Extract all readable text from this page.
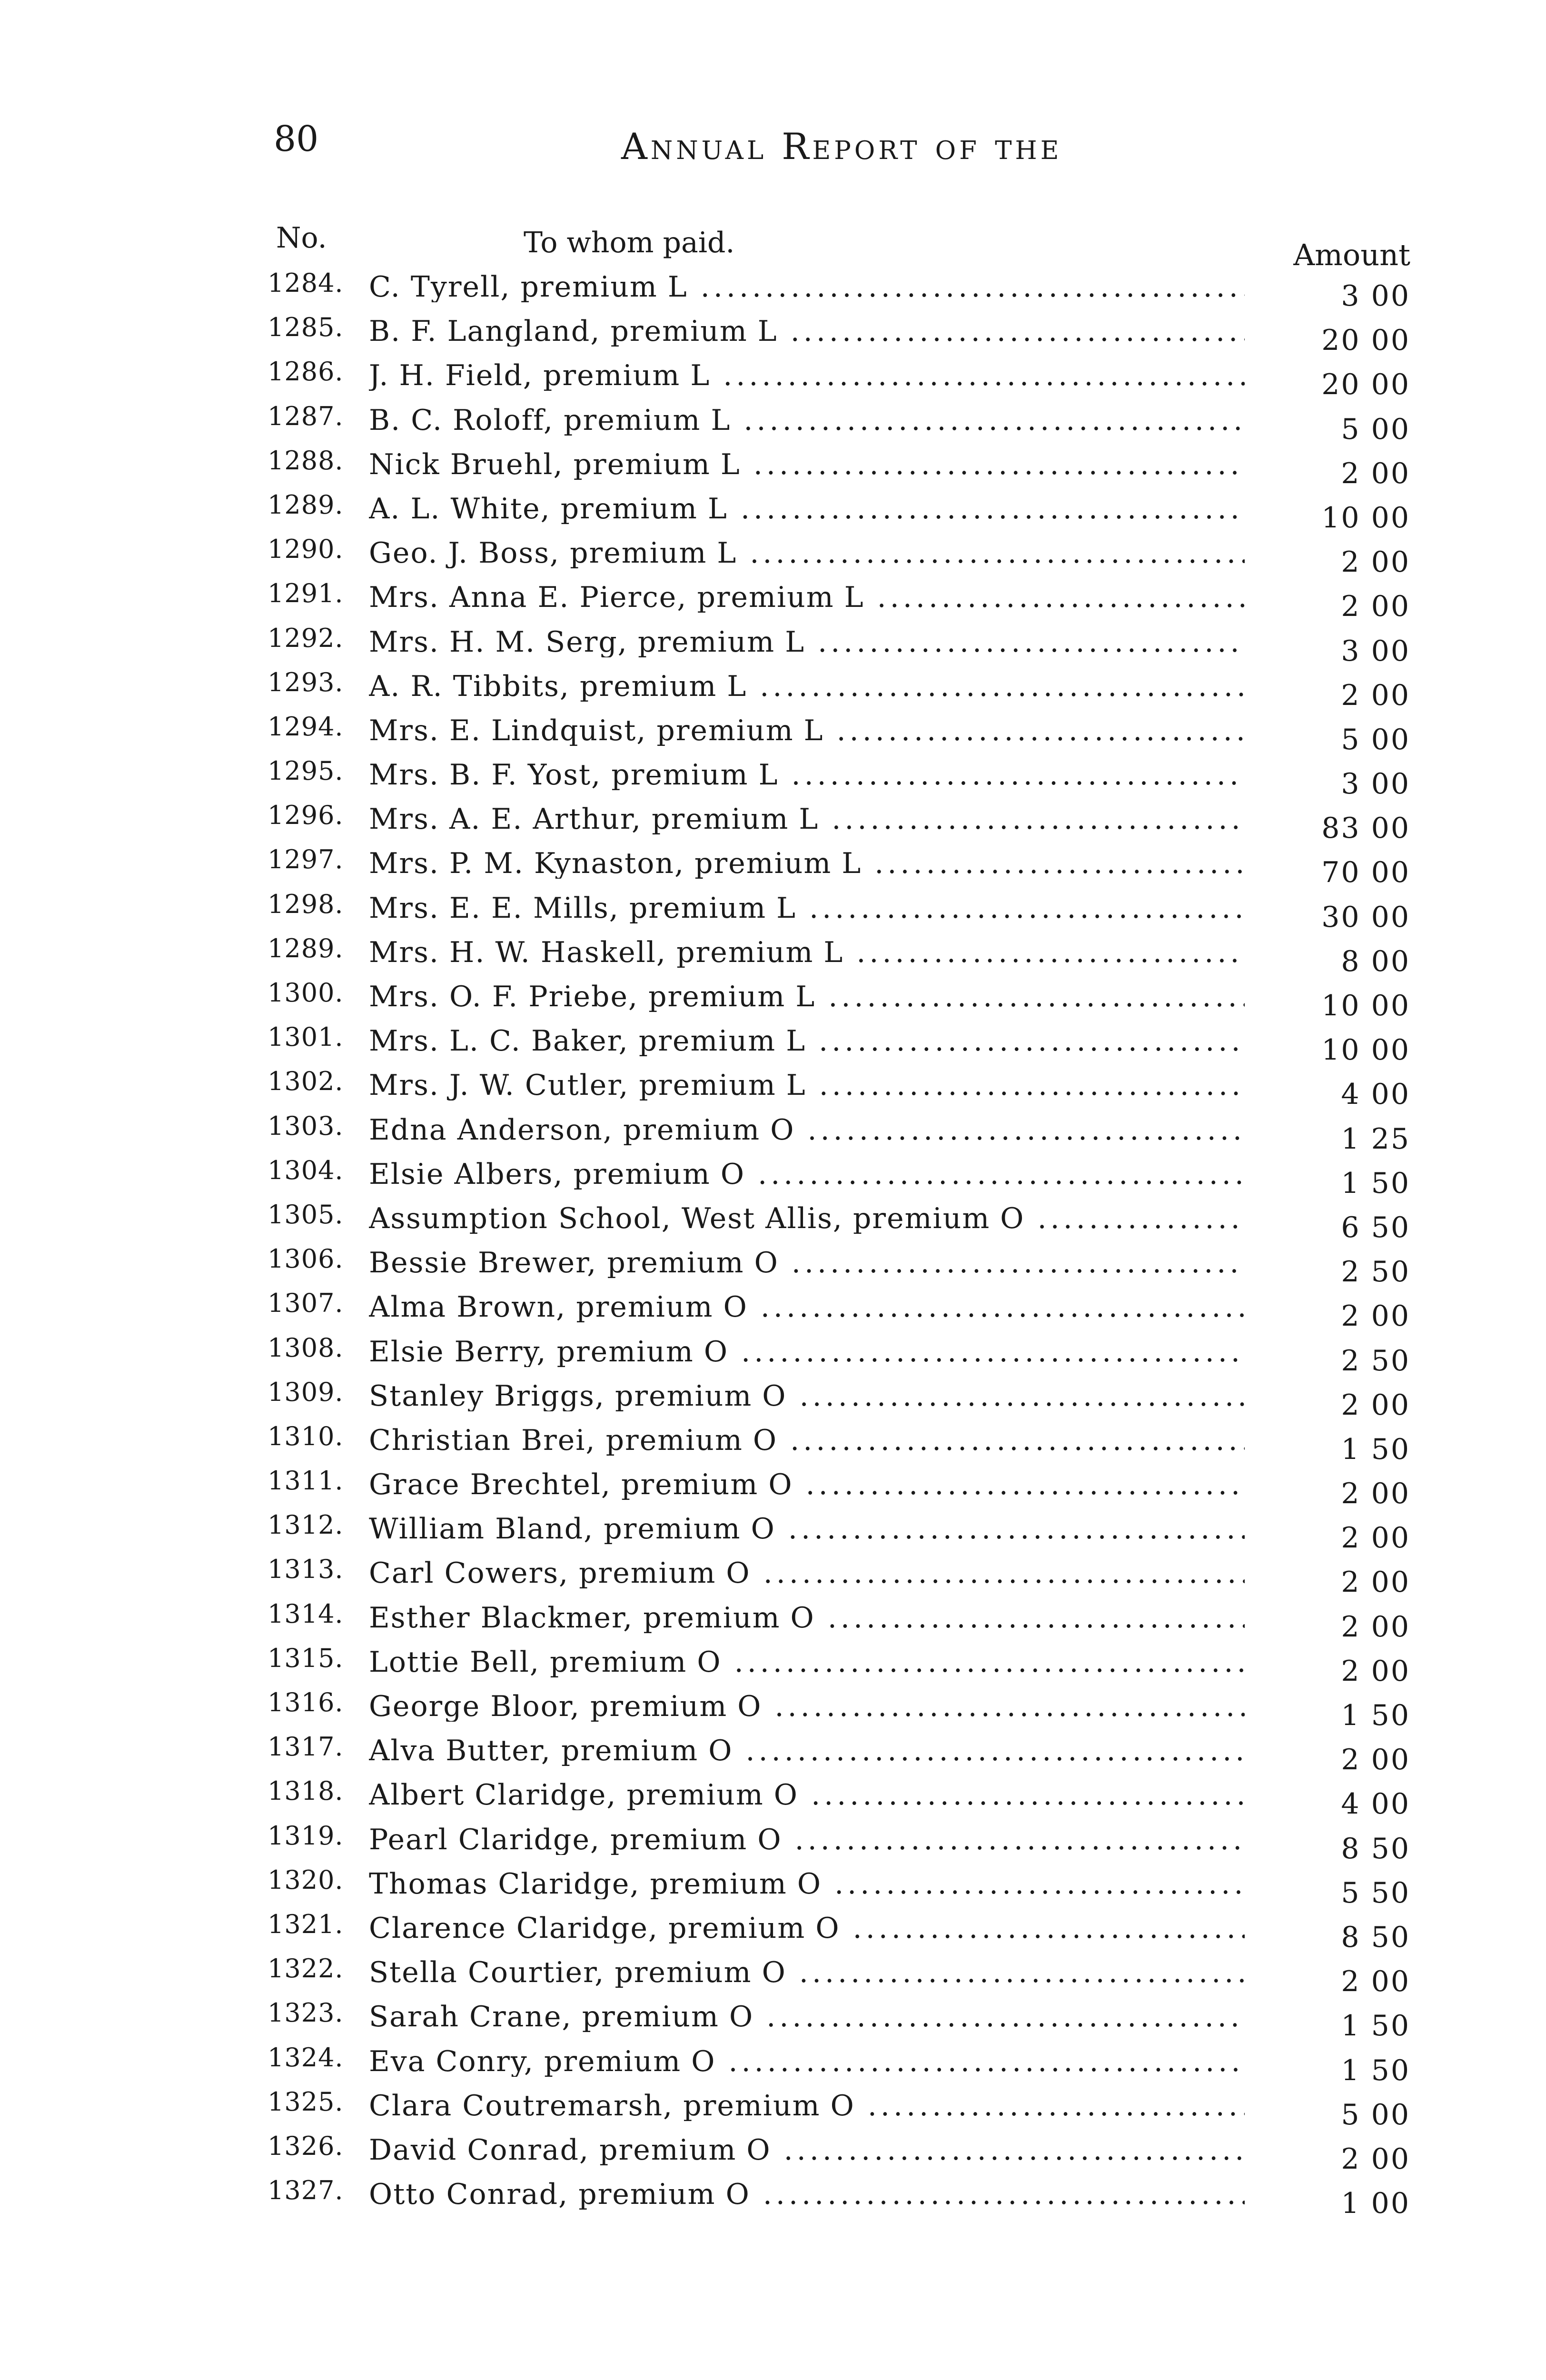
80	Annual Report of the
No.	To whom paid.	Amount
1284. C. Tyrell, premium L .....	3 00
1285. B. F. Langland, premium L .....	20 00
1286. J. H. Field, premium L .....	20 00
1287. B. C. Roloff, premium L .....	5 00
1288. Nick Bruehl, premium L .....	2 00
1289. A. L. White, premium L .....	10 00
1290. Geo. J. Boss, premium L .....	2 00
1291. Mrs. Anna E. Pierce, premium L .....	2 00
1292. Mrs. H. M. Serg, premium L .....	3 00
1293. A. R. Tibbits, premium L .....	2 00
1294. Mrs. E. Lindquist, premium L .....	5 00
1295. Mrs. B. F. Yost, premium L .....	3 00
1296. Mrs. A. E. Arthur, premium L .....	83 00
1297. Mrs. P. M. Kynaston, premium L .....	70 00
1298. Mrs. E. E. Mills, premium L .....	30 00
1289. Mrs. H. W. Haskell, premium L .....	8 00
1300. Mrs. O. F. Priebe, premium L .....	10 00
1301. Mrs. L. C. Baker, premium L .....	10 00
1302. Mrs. J. W. Cutler, premium L .....	4 00
1303. Edna Anderson, premium O .....	1 25
1304. Elsie Albers, premium O .....	1 50
1305. Assumption School, West Allis, premium O .....	6 50
1306. Bessie Brewer, premium O .....	2 50
1307. Alma Brown, premium O .....	2 00
1308. Elsie Berry, premium O .....	2 50
1309. Stanley Briggs, premium O .....	2 00
1310. Christian Brei, premium O .....	1 50
1311. Grace Brechtel, premium O .....	2 00
1312. William Bland, premium O .....	2 00
1313. Carl Cowers, premium O .....	2 00
1314. Esther Blackmer, premium O .....	2 00
1315. Lottie Bell, premium O .....	2 00
1316. George Bloor, premium O .....	1 50
1317. Alva Butter, premium O .....	2 00
1318. Albert Claridge, premium O .....	4 00
1319. Pearl Claridge, premium O .....	8 50
1320. Thomas Claridge, premium O .....	5 50
1321. Clarence Claridge, premium O .....	8 50
1322. Stella Courtier, premium O .....	2 00
1323. Sarah Crane, premium O .....	1 50
1324. Eva Conry, premium O .....	1 50
1325. Clara Coutremarsh, premium O .....	5 00
1326. David Conrad, premium O .....	2 00
1327. Otto Conrad, premium O .....	1 00
